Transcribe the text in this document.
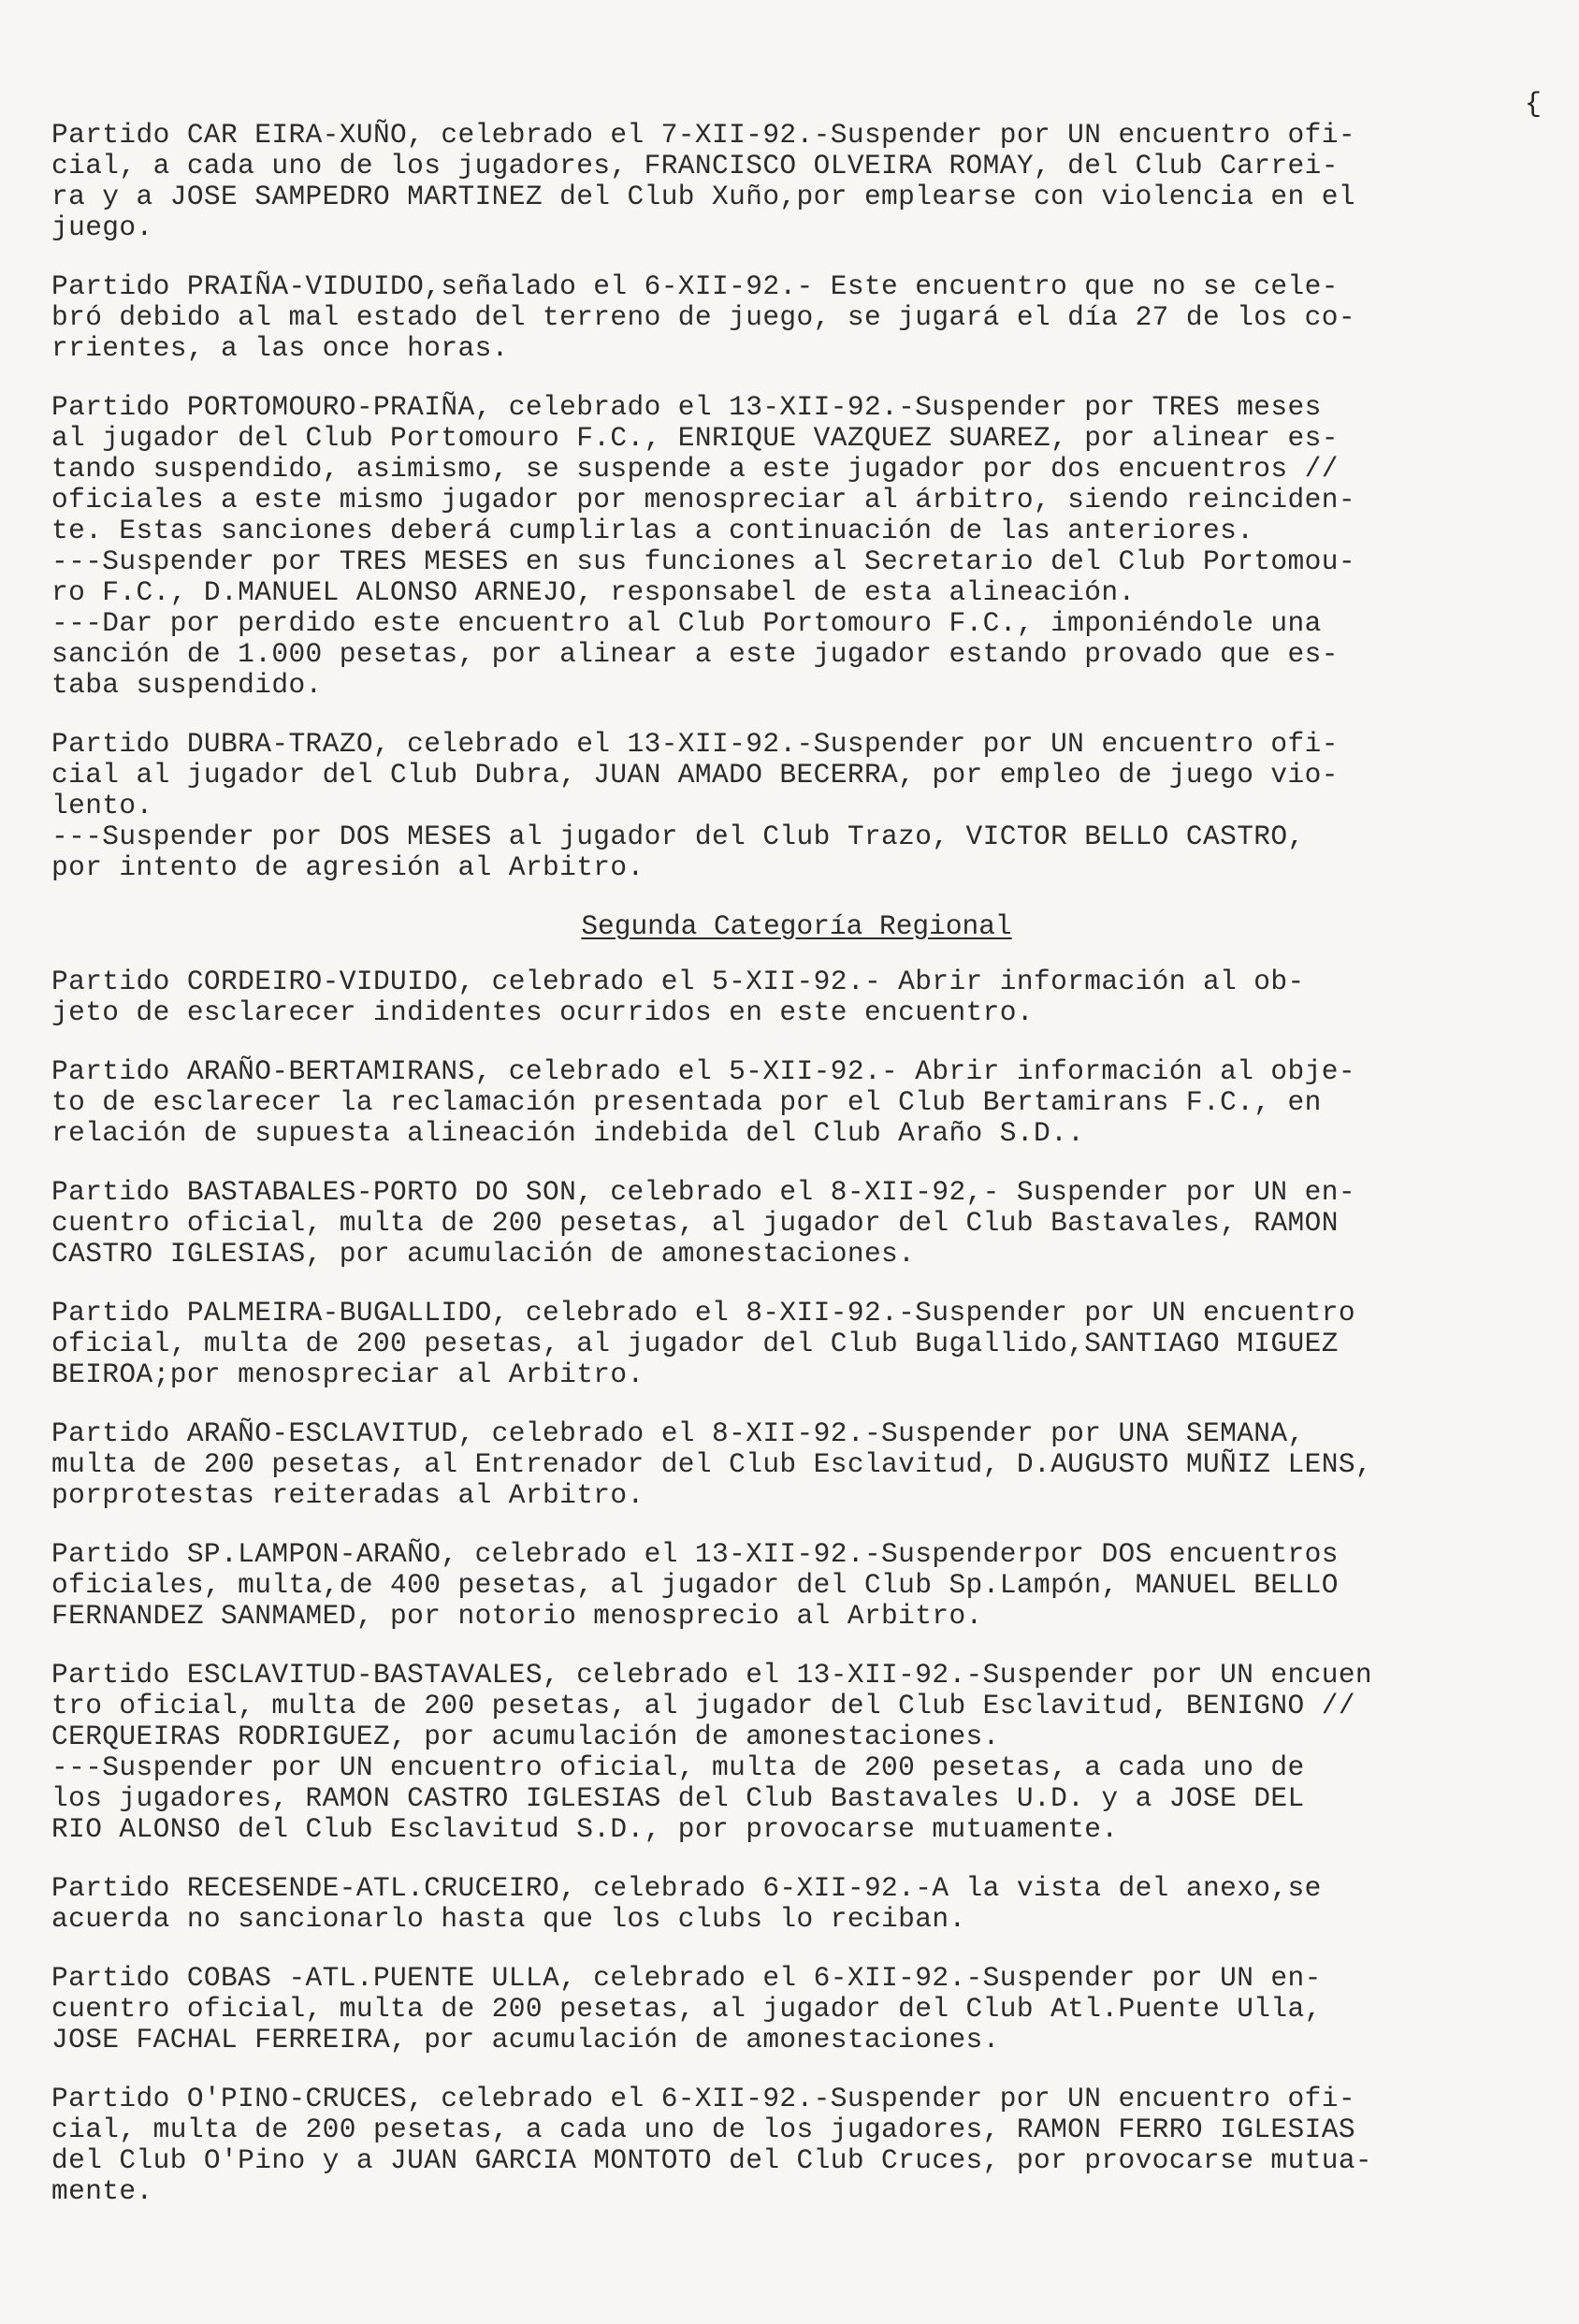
{

Partido CAR EIRA-XUÑO, celebrado el 7-XII-92.-Suspender por UN encuentro ofi-
cial, a cada uno de los jugadores, FRANCISCO OLVEIRA ROMAY, del Club Carrei-
ra y a JOSE SAMPEDRO MARTINEZ del Club Xuño,por emplearse con violencia en el
juego.

Partido PRAIÑA-VIDUIDO,señalado el 6-XII-92.- Este encuentro que no se cele-
bró debido al mal estado del terreno de juego, se jugará el día 27 de los co-
rrientes, a las once horas.

Partido PORTOMOURO-PRAIÑA, celebrado el 13-XII-92.-Suspender por TRES meses
al jugador del Club Portomouro F.C., ENRIQUE VAZQUEZ SUAREZ, por alinear es-
tando suspendido, asimismo, se suspende a este jugador por dos encuentros //
oficiales a este mismo jugador por menospreciar al árbitro, siendo reinciden-
te. Estas sanciones deberá cumplirlas a continuación de las anteriores.
---Suspender por TRES MESES en sus funciones al Secretario del Club Portomou-
ro F.C., D.MANUEL ALONSO ARNEJO, responsabel de esta alineación.
---Dar por perdido este encuentro al Club Portomouro F.C., imponiéndole una
sanción de 1.000 pesetas, por alinear a este jugador estando provado que es-
taba suspendido.

Partido DUBRA-TRAZO, celebrado el 13-XII-92.-Suspender por UN encuentro ofi-
cial al jugador del Club Dubra, JUAN AMADO BECERRA, por empleo de juego vio-
lento.
---Suspender por DOS MESES al jugador del Club Trazo, VICTOR BELLO CASTRO,
por intento de agresión al Arbitro.

Segunda Categoría Regional

Partido CORDEIRO-VIDUIDO, celebrado el 5-XII-92.- Abrir información al ob-
jeto de esclarecer indidentes ocurridos en este encuentro.

Partido ARAÑO-BERTAMIRANS, celebrado el 5-XII-92.- Abrir información al obje-
to de esclarecer la reclamación presentada por el Club Bertamirans F.C., en
relación de supuesta alineación indebida del Club Araño S.D..

Partido BASTABALES-PORTO DO SON, celebrado el 8-XII-92,- Suspender por UN en-
cuentro oficial, multa de 200 pesetas, al jugador del Club Bastavales, RAMON
CASTRO IGLESIAS, por acumulación de amonestaciones.

Partido PALMEIRA-BUGALLIDO, celebrado el 8-XII-92.-Suspender por UN encuentro
oficial, multa de 200 pesetas, al jugador del Club Bugallido,SANTIAGO MIGUEZ
BEIROA;por menospreciar al Arbitro.

Partido ARAÑO-ESCLAVITUD, celebrado el 8-XII-92.-Suspender por UNA SEMANA,
multa de 200 pesetas, al Entrenador del Club Esclavitud, D.AUGUSTO MUÑIZ LENS,
porprotestas reiteradas al Arbitro.

Partido SP.LAMPON-ARAÑO, celebrado el 13-XII-92.-Suspenderpor DOS encuentros
oficiales, multa,de 400 pesetas, al jugador del Club Sp.Lampón, MANUEL BELLO
FERNANDEZ SANMAMED, por notorio menosprecio al Arbitro.

Partido ESCLAVITUD-BASTAVALES, celebrado el 13-XII-92.-Suspender por UN encuen
tro oficial, multa de 200 pesetas, al jugador del Club Esclavitud, BENIGNO //
CERQUEIRAS RODRIGUEZ, por acumulación de amonestaciones.
---Suspender por UN encuentro oficial, multa de 200 pesetas, a cada uno de
los jugadores, RAMON CASTRO IGLESIAS del Club Bastavales U.D. y a JOSE DEL
RIO ALONSO del Club Esclavitud S.D., por provocarse mutuamente.

Partido RECESENDE-ATL.CRUCEIRO, celebrado 6-XII-92.-A la vista del anexo,se
acuerda no sancionarlo hasta que los clubs lo reciban.

Partido COBAS -ATL.PUENTE ULLA, celebrado el 6-XII-92.-Suspender por UN en-
cuentro oficial, multa de 200 pesetas, al jugador del Club Atl.Puente Ulla,
JOSE FACHAL FERREIRA, por acumulación de amonestaciones.

Partido O'PINO-CRUCES, celebrado el 6-XII-92.-Suspender por UN encuentro ofi-
cial, multa de 200 pesetas, a cada uno de los jugadores, RAMON FERRO IGLESIAS
del Club O'Pino y a JUAN GARCIA MONTOTO del Club Cruces, por provocarse mutua-
mente.
